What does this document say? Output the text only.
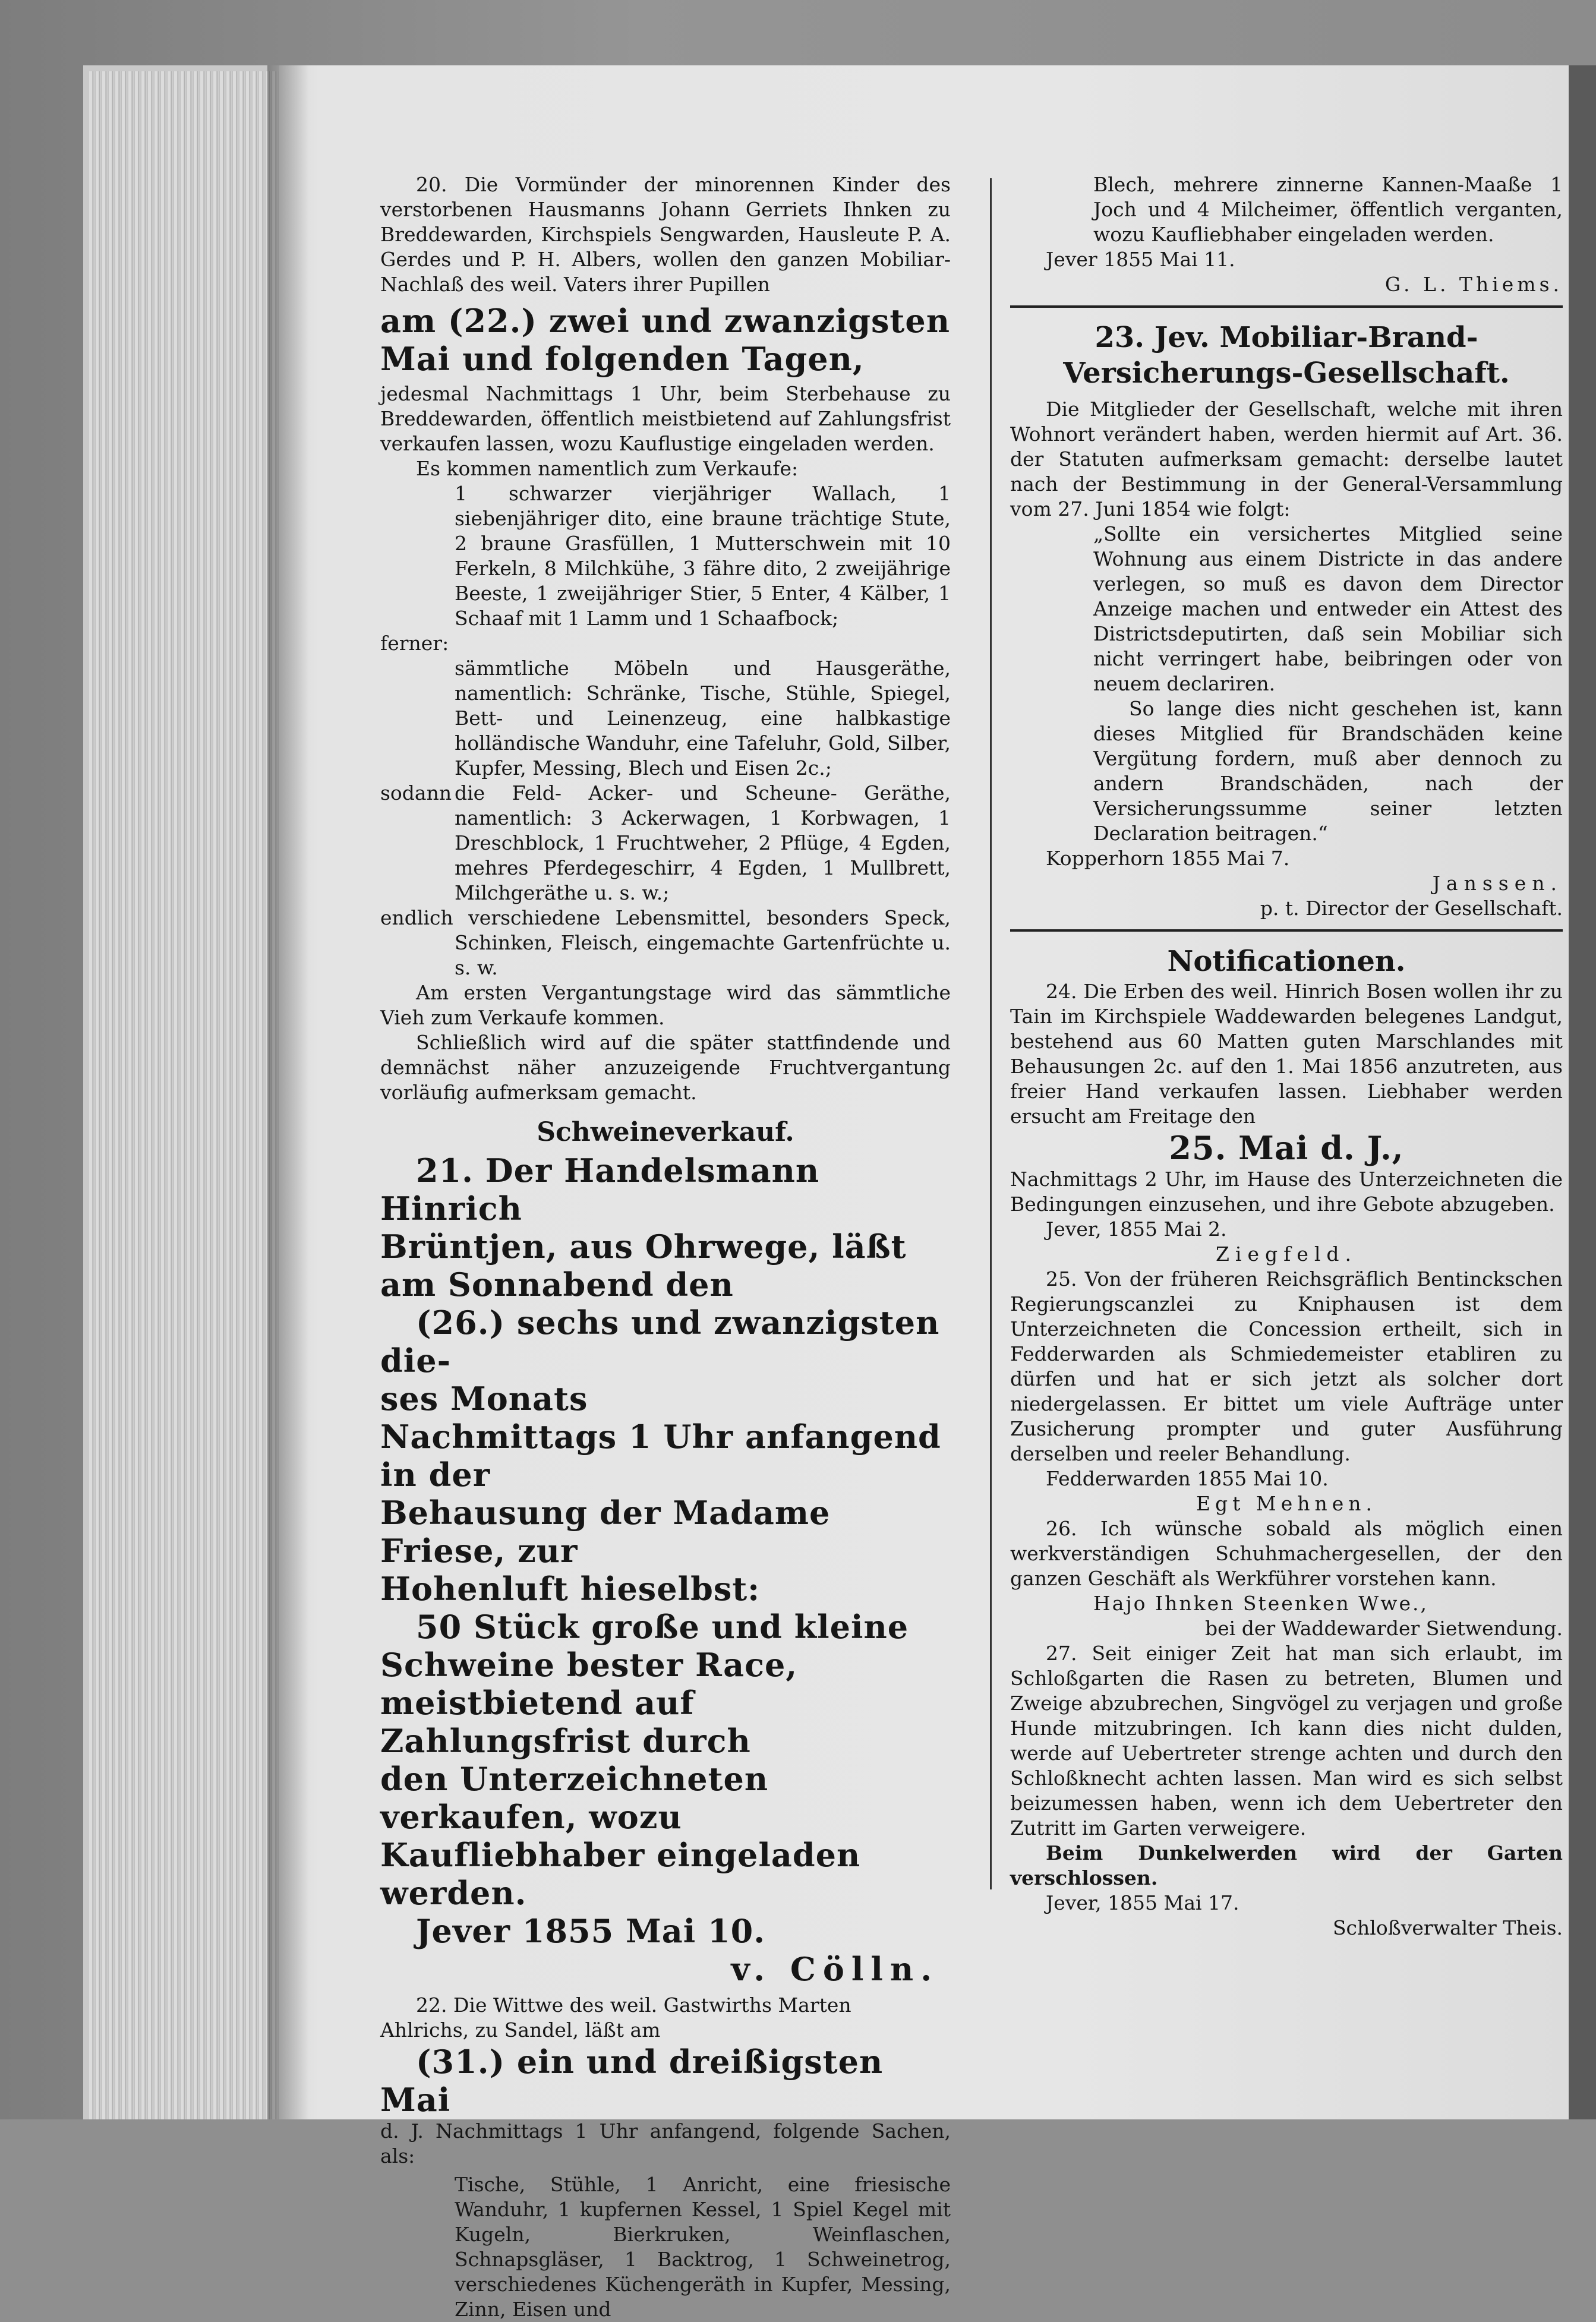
20. Die Vormünder der minorennen Kinder des verstorbenen Hausmanns Johann Gerriets Ihnken zu Breddewarden, Kirchspiels Sengwarden, Hausleute P. A. Gerdes und P. H. Albers, wollen den ganzen Mobiliar-Nachlaß des weil. Vaters ihrer Pupillen

am (22.) zwei und zwanzigsten

Mai und folgenden Tagen,

jedesmal Nachmittags 1 Uhr, beim Sterbehause zu Breddewarden, öffentlich meistbietend auf Zahlungsfrist verkaufen lassen, wozu Kauflustige eingeladen werden.

Es kommen namentlich zum Verkaufe:

1 schwarzer vierjähriger Wallach, 1 siebenjähriger dito, eine braune trächtige Stute, 2 braune Grasfüllen, 1 Mutterschwein mit 10 Ferkeln, 8 Milchkühe, 3 fähre dito, 2 zweijährige Beeste, 1 zweijähriger Stier, 5 Enter, 4 Kälber, 1 Schaaf mit 1 Lamm und 1 Schaafbock;

ferner:

sämmtliche Möbeln und Hausgeräthe, namentlich: Schränke, Tische, Stühle, Spiegel, Bett- und Leinenzeug, eine halbkastige holländische Wanduhr, eine Tafeluhr, Gold, Silber, Kupfer, Messing, Blech und Eisen 2c.;

sodann die Feld- Acker- und Scheune- Geräthe, namentlich: 3 Ackerwagen, 1 Korbwagen, 1 Dreschblock, 1 Fruchtweher, 2 Pflüge, 4 Egden, mehres Pferdegeschirr, 4 Egden, 1 Mullbrett, Milchgeräthe u. s. w.;

endlich verschiedene Lebensmittel, besonders Speck, Schinken, Fleisch, eingemachte Gartenfrüchte u. s. w.

Am ersten Vergantungstage wird das sämmtliche Vieh zum Verkaufe kommen.

Schließlich wird auf die später stattfindende und demnächst näher anzuzeigende Fruchtvergantung vorläufig aufmerksam gemacht.

Schweineverkauf.

21. Der Handelsmann Hinrich

Brüntjen, aus Ohrwege, läßt

am Sonnabend den

(26.) sechs und zwanzigsten die-

ses Monats

Nachmittags 1 Uhr anfangend in der

Behausung der Madame Friese, zur

Hohenluft hieselbst:

50 Stück große und kleine

Schweine bester Race,

meistbietend auf Zahlungsfrist durch

den Unterzeichneten verkaufen, wozu

Kaufliebhaber eingeladen werden.

Jever 1855 Mai 10.

v. Cölln.

22. Die Wittwe des weil. Gastwirths Marten

Ahlrichs, zu Sandel, läßt am

(31.) ein und dreißigsten Mai

d. J. Nachmittags 1 Uhr anfangend, folgende Sachen, als:

Tische, Stühle, 1 Anricht, eine friesische Wanduhr, 1 kupfernen Kessel, 1 Spiel Kegel mit Kugeln, Bierkruken, Weinflaschen, Schnapsgläser, 1 Backtrog, 1 Schweinetrog, verschiedenes Küchengeräth in Kupfer, Messing, Zinn, Eisen und

Blech, mehrere zinnerne Kannen-Maaße 1 Joch und 4 Milcheimer, öffentlich verganten, wozu Kaufliebhaber eingeladen werden.

Jever 1855 Mai 11.

G. L. Thiems.

23. Jev. Mobiliar-Brand-

Versicherungs-Gesellschaft.

Die Mitglieder der Gesellschaft, welche mit ihren Wohnort verändert haben, werden hiermit auf Art. 36. der Statuten aufmerksam gemacht: derselbe lautet nach der Bestimmung in der General-Versammlung vom 27. Juni 1854 wie folgt:

„Sollte ein versichertes Mitglied seine Wohnung aus einem Districte in das andere verlegen, so muß es davon dem Director Anzeige machen und entweder ein Attest des Districtsdeputirten, daß sein Mobiliar sich nicht verringert habe, beibringen oder von neuem declariren.

So lange dies nicht geschehen ist, kann dieses Mitglied für Brandschäden keine Vergütung fordern, muß aber dennoch zu andern Brandschäden, nach der Versicherungssumme seiner letzten Declaration beitragen.“

Kopperhorn 1855 Mai 7.

Janssen.

p. t. Director der Gesellschaft.

Notificationen.

24. Die Erben des weil. Hinrich Bosen wollen ihr zu Tain im Kirchspiele Waddewarden belegenes Landgut, bestehend aus 60 Matten guten Marschlandes mit Behausungen 2c. auf den 1. Mai 1856 anzutreten, aus freier Hand verkaufen lassen. Liebhaber werden ersucht am Freitage den

25. Mai d. J.,

Nachmittags 2 Uhr, im Hause des Unterzeichneten die Bedingungen einzusehen, und ihre Gebote abzugeben.

Jever, 1855 Mai 2.

Ziegfeld.

25. Von der früheren Reichsgräflich Bentinckschen Regierungscanzlei zu Kniphausen ist dem Unterzeichneten die Concession ertheilt, sich in Fedderwarden als Schmiedemeister etabliren zu dürfen und hat er sich jetzt als solcher dort niedergelassen. Er bittet um viele Aufträge unter Zusicherung prompter und guter Ausführung derselben und reeler Behandlung.

Fedderwarden 1855 Mai 10.

Egt Mehnen.

26. Ich wünsche sobald als möglich einen werkverständigen Schuhmachergesellen, der den ganzen Geschäft als Werkführer vorstehen kann.

Hajo Ihnken Steenken Wwe.,

bei der Waddewarder Sietwendung.

27. Seit einiger Zeit hat man sich erlaubt, im Schloßgarten die Rasen zu betreten, Blumen und Zweige abzubrechen, Singvögel zu verjagen und große Hunde mitzubringen. Ich kann dies nicht dulden, werde auf Uebertreter strenge achten und durch den Schloßknecht achten lassen. Man wird es sich selbst beizumessen haben, wenn ich dem Uebertreter den Zutritt im Garten verweigere.

Beim Dunkelwerden wird der Garten verschlossen.

Jever, 1855 Mai 17.

Schloßverwalter Theis.
